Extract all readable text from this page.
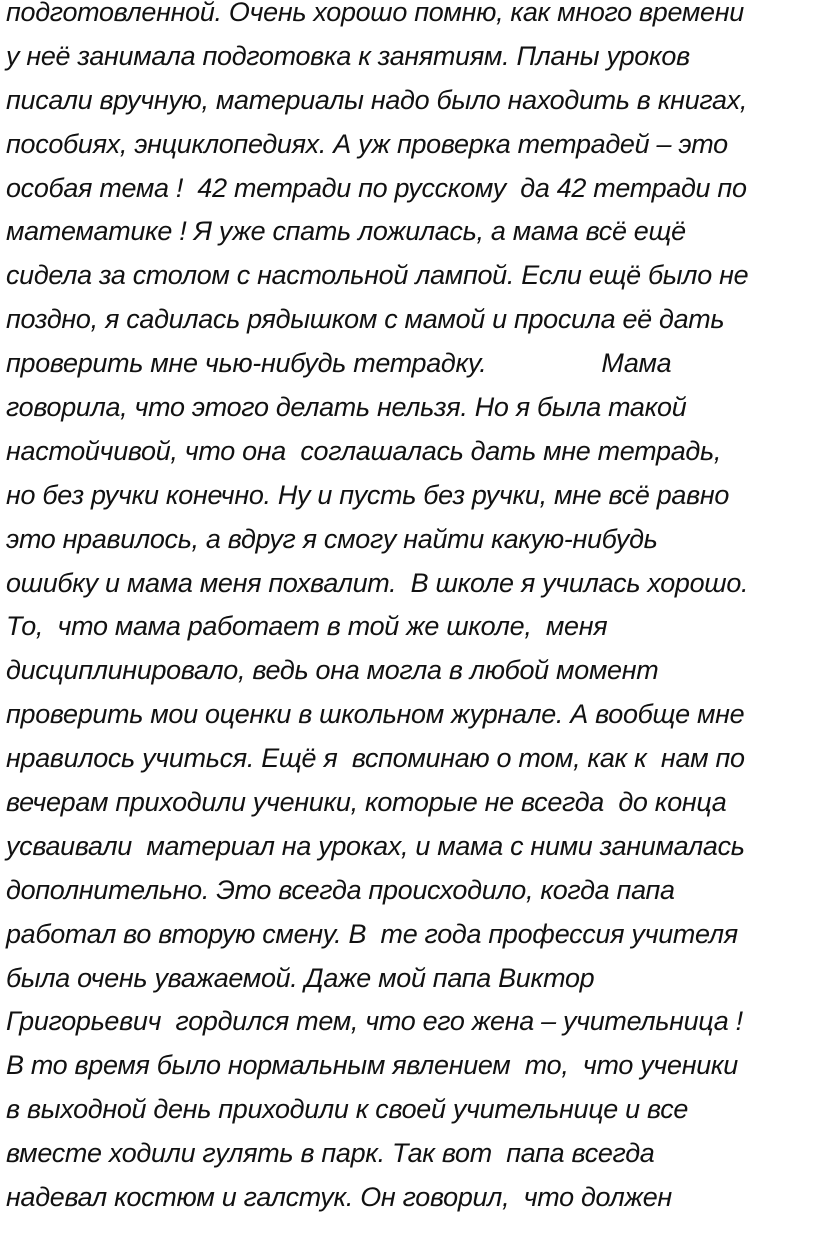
подготовленной. Очень хорошо помню, как много времени
у неё занимала подготовка к занятиям. Планы уроков
писали вручную, материалы надо было находить в книгах,
пособиях, энциклопедиях. А уж проверка тетрадей – это
особая тема !  42 тетради по русскому  да 42 тетради по
математике ! Я уже спать ложилась, а мама всё ещё
сидела за столом с настольной лампой. Если ещё было не
поздно, я садилась рядышком с мамой и просила её дать
проверить мне чью-нибудь тетрадку.                Мама
говорила, что этого делать нельзя. Но я была такой
настойчивой, что она  соглашалась дать мне тетрадь,
но без ручки конечно. Ну и пусть без ручки, мне всё равно
это нравилось, а вдруг я смогу найти какую-нибудь
ошибку и мама меня похвалит.  В школе я училась хорошо.
То,  что мама работает в той же школе,  меня
дисциплинировало, ведь она могла в любой момент
проверить мои оценки в школьном журнале. А вообще мне
нравилось учиться. Ещё я  вспоминаю о том, как к  нам по
вечерам приходили ученики, которые не всегда  до конца
усваивали  материал на уроках, и мама с ними занималась
дополнительно. Это всегда происходило, когда папа
работал во вторую смену. В  те года профессия учителя
была очень уважаемой. Даже мой папа Виктор
Григорьевич  гордился тем, что его жена – учительница !
В то время было нормальным явлением  то,  что ученики
в выходной день приходили к своей учительнице и все
вместе ходили гулять в парк. Так вот  папа всегда
надевал костюм и галстук. Он говорил,  что должен
